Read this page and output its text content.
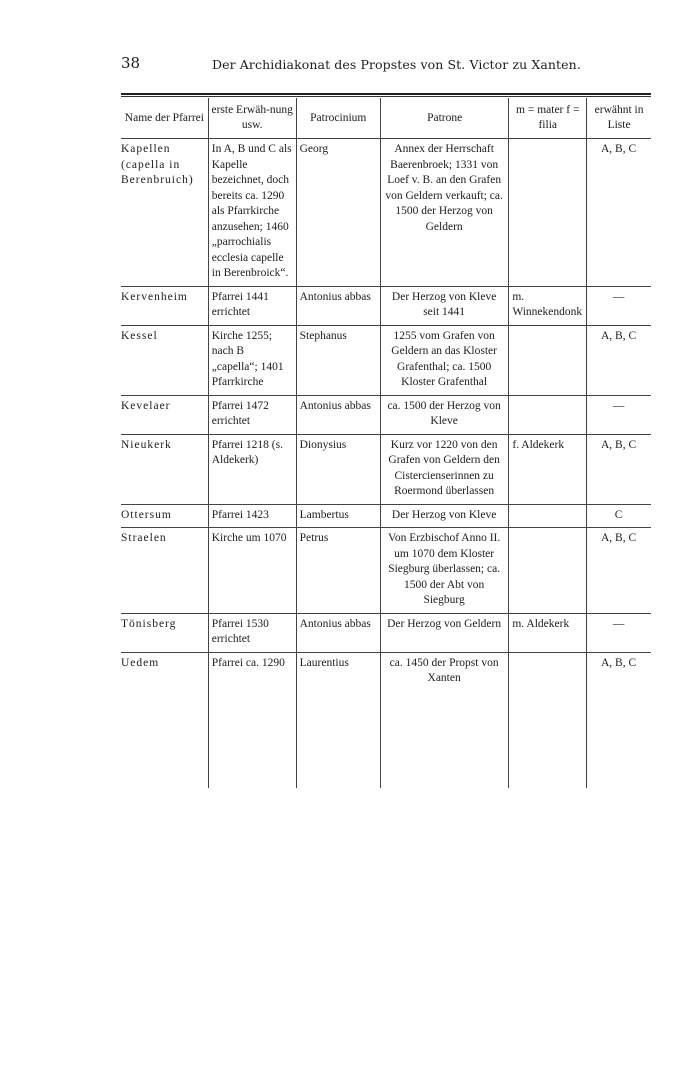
38	Der Archidiakonat des Propstes von St. Victor zu Xanten.
Name der Pfarrei	erste Erwäh-nung usw.	Patrocinium	Patrone	m = mater f = filia	erwähnt in Liste
Kapellen (capella in Berenbruich)	In A, B und C als Kapelle bezeichnet, doch bereits ca. 1290 als Pfarrkirche anzusehen; 1460 „parrochialis ecclesia capelle in Berenbroick“.	Georg	Annex der Herrschaft Baerenbroek; 1331 von Loef v. B. an den Grafen von Geldern verkauft; ca. 1500 der Herzog von Geldern		A, B, C
Kervenheim	Pfarrei 1441 errichtet	Antonius abbas	Der Herzog von Kleve seit 1441	m. Winnekendonk	—
Kessel	Kirche 1255; nach B „capella“; 1401 Pfarrkirche	Stephanus	1255 vom Grafen von Geldern an das Kloster Grafenthal; ca. 1500 Kloster Grafenthal		A, B, C
Kevelaer	Pfarrei 1472 errichtet	Antonius abbas	ca. 1500 der Herzog von Kleve		—
Nieukerk	Pfarrei 1218 (s. Aldekerk)	Dionysius	Kurz vor 1220 von den Grafen von Geldern den Cistercienserinnen zu Roermond überlassen	f. Aldekerk	A, B, C
Ottersum	Pfarrei 1423	Lambertus	Der Herzog von Kleve		C
Straelen	Kirche um 1070	Petrus	Von Erzbischof Anno II. um 1070 dem Kloster Siegburg überlassen; ca. 1500 der Abt von Siegburg		A, B, C
Tönisberg	Pfarrei 1530 errichtet	Antonius abbas	Der Herzog von Geldern	m. Aldekerk	—
Uedem	Pfarrei ca. 1290	Laurentius	ca. 1450 der Propst von Xanten		A, B, C
